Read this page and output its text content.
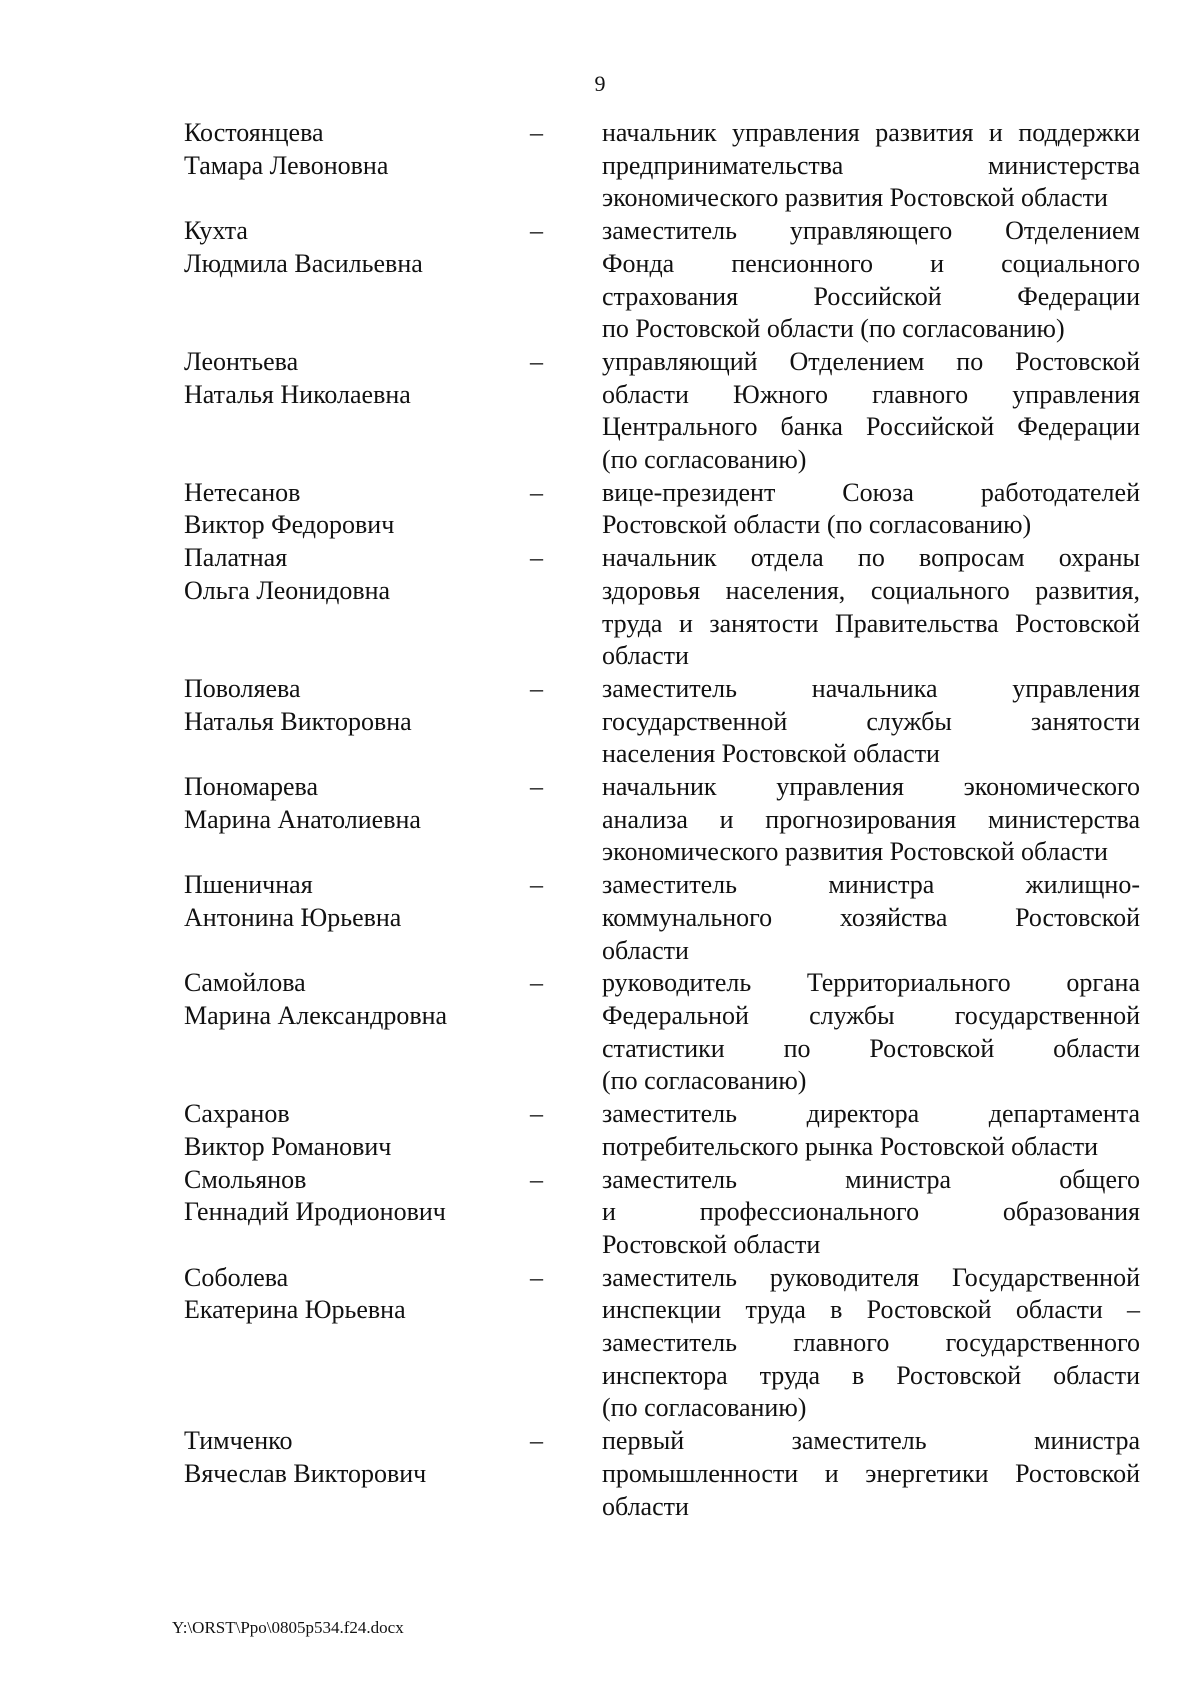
9
Костоянцева
Тамара Левоновна
–	начальник управления развития и поддержки
предпринимательства министерства
экономического развития Ростовской области
Кухта
Людмила Васильевна
–	заместитель управляющего Отделением
Фонда пенсионного и социального
страхования Российской Федерации
по Ростовской области (по согласованию)
Леонтьева
Наталья Николаевна
–	управляющий Отделением по Ростовской
области Южного главного управления
Центрального банка Российской Федерации
(по согласованию)
Нетесанов
Виктор Федорович
–	вице-президент Союза работодателей
Ростовской области (по согласованию)
Палатная
Ольга Леонидовна
–	начальник отдела по вопросам охраны
здоровья населения, социального развития,
труда и занятости Правительства Ростовской
области
Поволяева
Наталья Викторовна
–	заместитель начальника управления
государственной службы занятости
населения Ростовской области
Пономарева
Марина Анатолиевна
–	начальник управления экономического
анализа и прогнозирования министерства
экономического развития Ростовской области
Пшеничная
Антонина Юрьевна
–	заместитель министра жилищно-
коммунального хозяйства Ростовской
области
Самойлова
Марина Александровна
–	руководитель Территориального органа
Федеральной службы государственной
статистики по Ростовской области
(по согласованию)
Сахранов
Виктор Романович
–	заместитель директора департамента
потребительского рынка Ростовской области
Смольянов
Геннадий Иродионович
–	заместитель министра общего
и профессионального образования
Ростовской области
Соболева
Екатерина Юрьевна
–	заместитель руководителя Государственной
инспекции труда в Ростовской области –
заместитель главного государственного
инспектора труда в Ростовской области
(по согласованию)
Тимченко
Вячеслав Викторович
–	первый заместитель министра
промышленности и энергетики Ростовской
области
Y:\ORST\Ppo\0805p534.f24.docx
